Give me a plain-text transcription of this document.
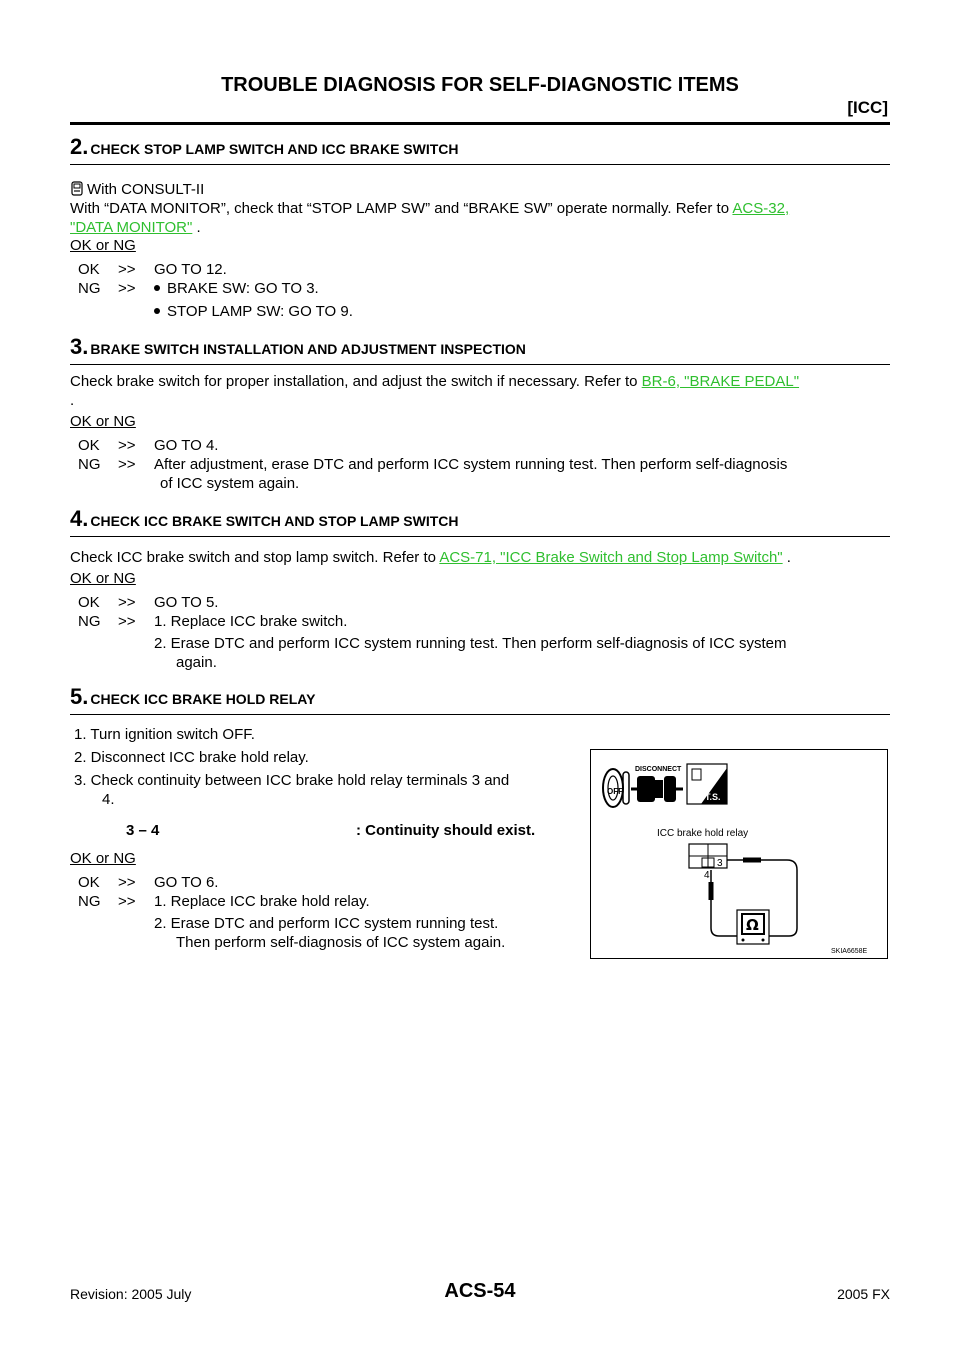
TROUBLE DIAGNOSIS FOR SELF-DIAGNOSTIC ITEMS
[ICC]
2. CHECK STOP LAMP SWITCH AND ICC BRAKE SWITCH
With CONSULT-II
With “DATA MONITOR”, check that “STOP LAMP SW” and “BRAKE SW” operate normally. Refer to ACS-32,
"DATA MONITOR" .
OK or NG
OK >> GO TO 12.
NG >> BRAKE SW: GO TO 3.
STOP LAMP SW: GO TO 9.
3. BRAKE SWITCH INSTALLATION AND ADJUSTMENT INSPECTION
Check brake switch for proper installation, and adjust the switch if necessary. Refer to BR-6, "BRAKE PEDAL"
.
OK or NG
OK >> GO TO 4.
NG >> After adjustment, erase DTC and perform ICC system running test. Then perform self-diagnosis
of ICC system again.
4. CHECK ICC BRAKE SWITCH AND STOP LAMP SWITCH
Check ICC brake switch and stop lamp switch. Refer to ACS-71, "ICC Brake Switch and Stop Lamp Switch" .
OK or NG
OK >> GO TO 5.
NG >> 1. Replace ICC brake switch.
2. Erase DTC and perform ICC system running test. Then perform self-diagnosis of ICC system
again.
5. CHECK ICC BRAKE HOLD RELAY
1. Turn ignition switch OFF.
2. Disconnect ICC brake hold relay.
3. Check continuity between ICC brake hold relay terminals 3 and
4.
3 – 4	: Continuity should exist.
OK or NG
OK >> GO TO 6.
NG >> 1. Replace ICC brake hold relay.
2. Erase DTC and perform ICC system running test.
Then perform self-diagnosis of ICC system again.
OFF
DISCONNECT
T.S.
ICC brake hold relay
3
4
Ω
SKIA6658E
ACS-54
Revision: 2005 July	2005 FX
